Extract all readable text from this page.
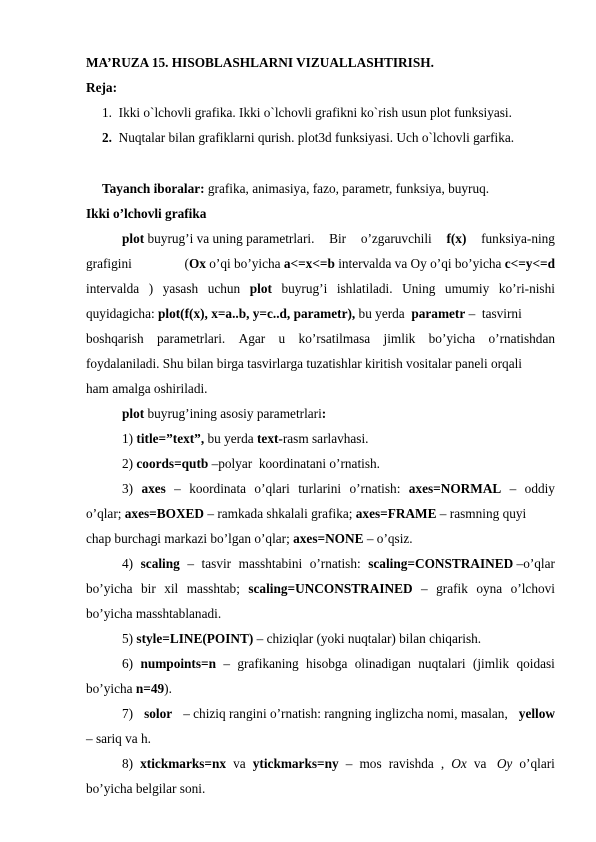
MA’RUZA 15. HISOBLASHLARNI VIZUALLASHTIRISH.
Reja:
1. Ikki o`lchovli grafika. Ikki o`lchovli grafikni ko`rish usun plot funksiyasi.
2. Nuqtalar bilan grafiklarni qurish. plot3d funksiyasi. Uch o`lchovli garfika.
Tayanch iboralar: grafika, animasiya, fazo, parametr, funksiya, buyruq.
Ikki o’lchovli grafika
plot buyrug’i va uning parametrlari. Bir o’zgaruvchili f(x) funksiya-ning
grafigini	(Ox o’qi bo’yicha a<=x<=b intervalda va Oy o’qi bo’yicha c<=y<=d
intervalda ) yasash uchun plot buyrug’i ishlatiladi. Uning umumiy ko’ri-nishi
quyidagicha: plot(f(x), x=a..b, y=c..d, parametr), bu yerda  parametr –  tasvirni
boshqarish parametrlari. Agar u ko’rsatilmasa jimlik bo’yicha o’rnatishdan
foydalaniladi. Shu bilan birga tasvirlarga tuzatishlar kiritish vositalar paneli orqali
ham amalga oshiriladi.
plot buyrug’ining asosiy parametrlari:
1) title=”text”, bu yerda text-rasm sarlavhasi.
2) coords=qutb –polyar  koordinatani o’rnatish.
3) axes – koordinata o’qlari turlarini o’rnatish: axes=NORMAL – oddiy
o’qlar; axes=BOXED – ramkada shkalali grafika; axes=FRAME – rasmning quyi
chap burchagi markazi bo’lgan o’qlar; axes=NONE – o’qsiz.
4) scaling – tasvir masshtabini o’rnatish: scaling=CONSTRAINED –o’qlar
bo’yicha bir xil masshtab; scaling=UNCONSTRAINED – grafik oyna o’lchovi
bo’yicha masshtablanadi.
5) style=LINE(POINT) – chiziqlar (yoki nuqtalar) bilan chiqarish.
6) numpoints=n – grafikaning hisobga olinadigan nuqtalari (jimlik qoidasi
bo’yicha n=49).
7) solor – chiziq rangini o’rnatish: rangning inglizcha nomi, masalan, yellow
– sariq va h.
8) xtickmarks=nx va ytickmarks=ny – mos ravishda , Ox va Oy o’qlari
bo’yicha belgilar soni.
